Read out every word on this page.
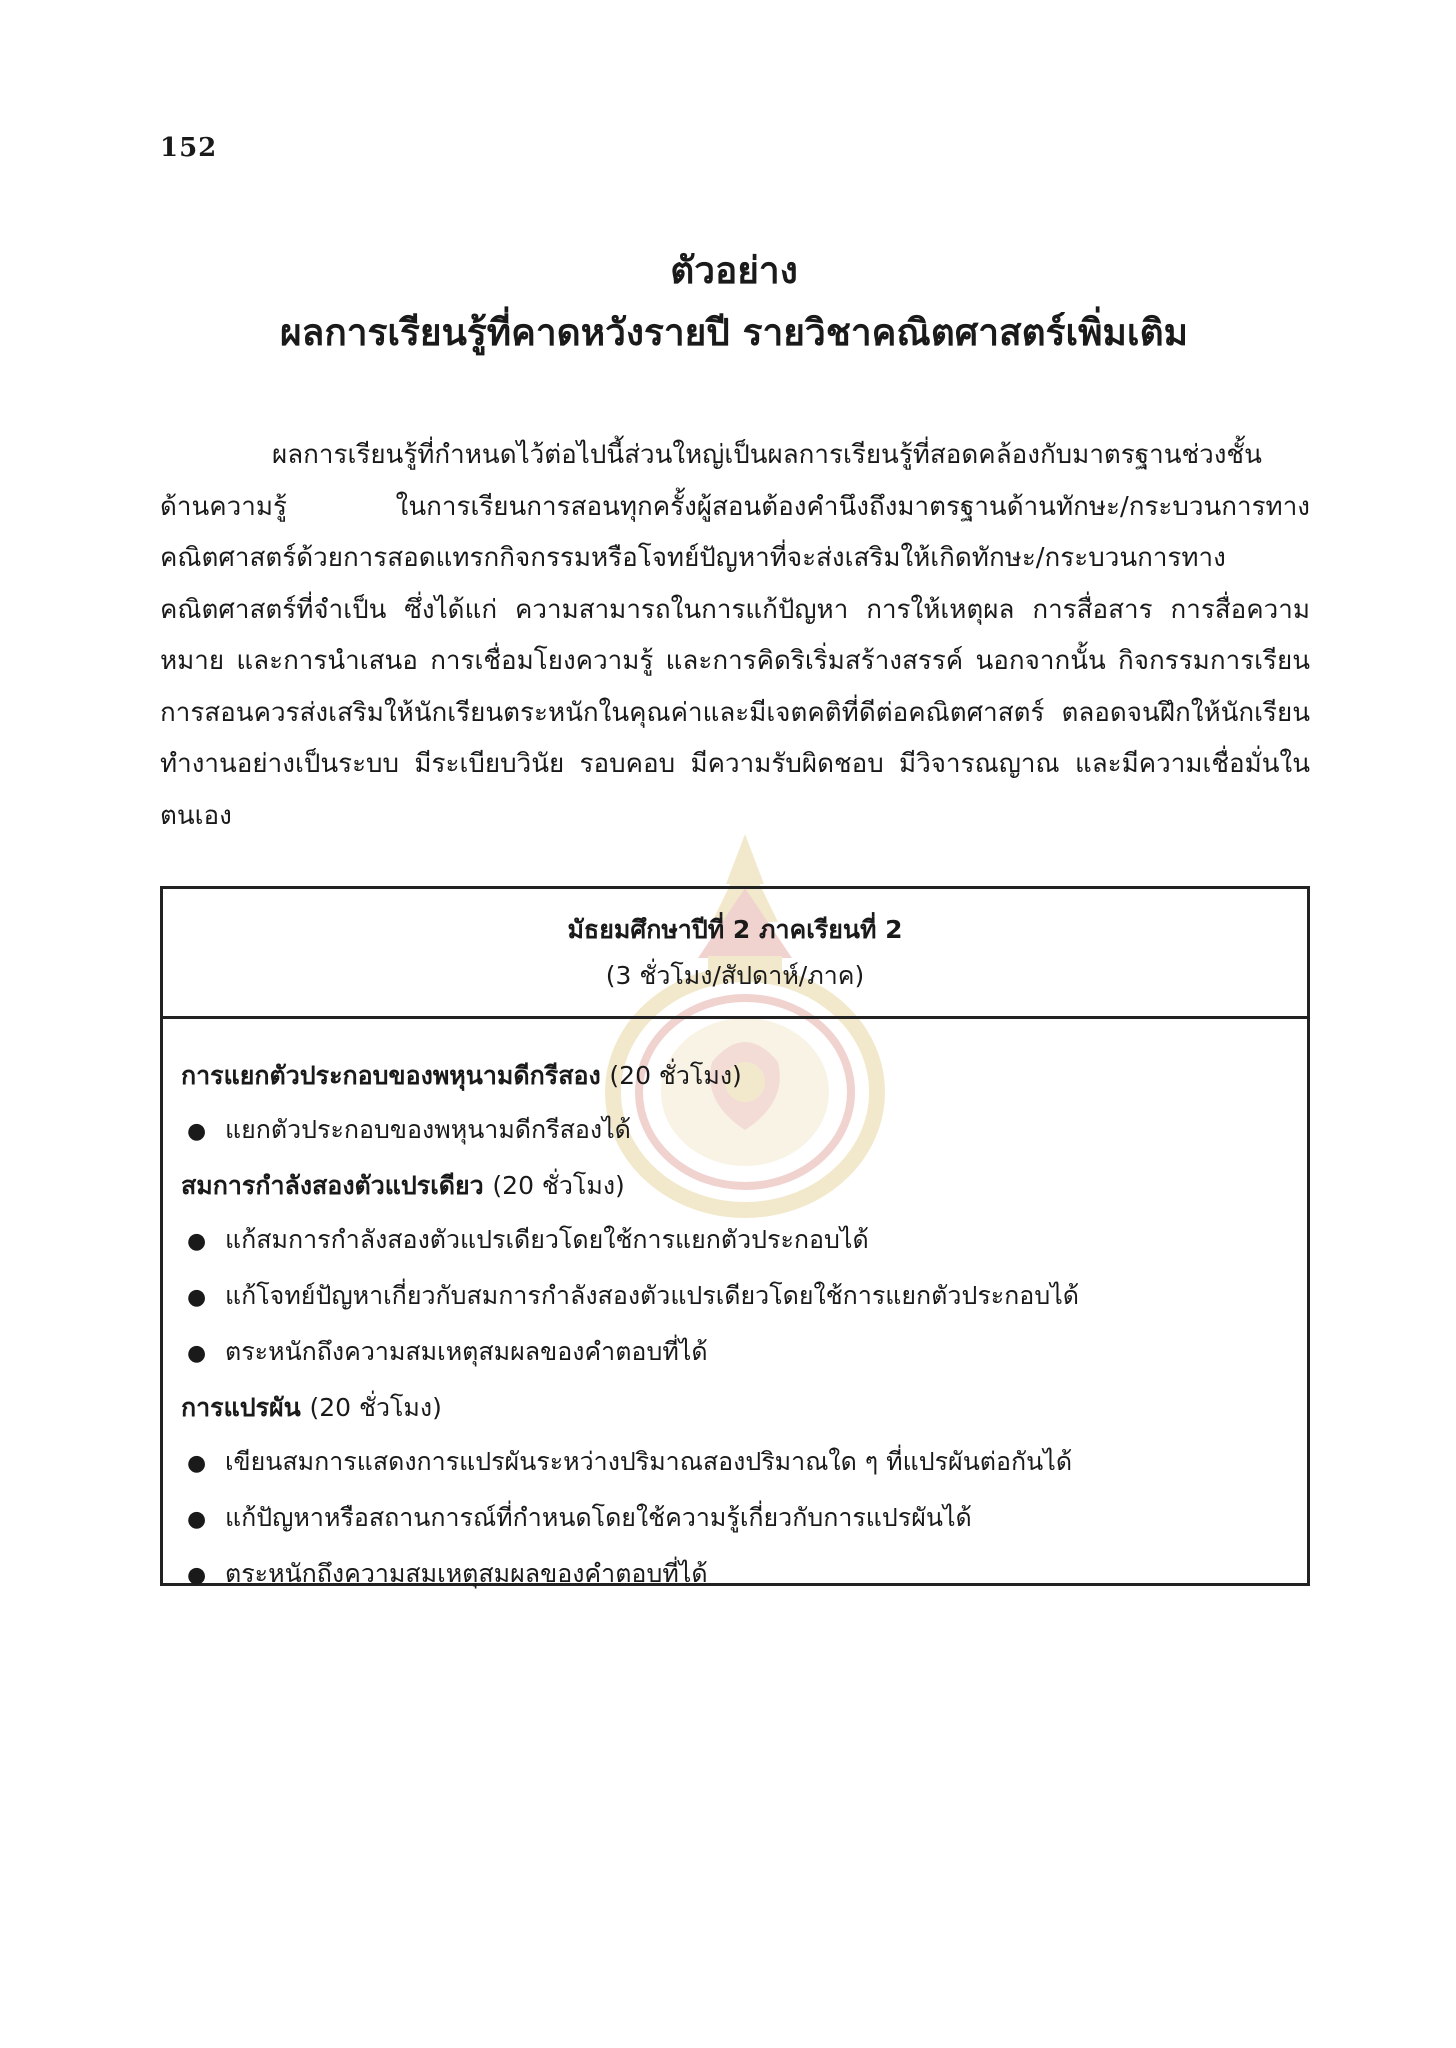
152
ตัวอย่าง
ผลการเรียนรู้ที่คาดหวังรายปี รายวิชาคณิตศาสตร์เพิ่มเติม
ผลการเรียนรู้ที่กำหนดไว้ต่อไปนี้ส่วนใหญ่เป็นผลการเรียนรู้ที่สอดคล้องกับมาตรฐานช่วงชั้นด้านความรู้ ในการเรียนการสอนทุกครั้งผู้สอนต้องคำนึงถึงมาตรฐานด้านทักษะ/กระบวนการทางคณิตศาสตร์ด้วยการสอดแทรกกิจกรรมหรือโจทย์ปัญหาที่จะส่งเสริมให้เกิดทักษะ/กระบวนการทางคณิตศาสตร์ที่จำเป็น ซึ่งได้แก่ ความสามารถในการแก้ปัญหา การให้เหตุผล การสื่อสาร การสื่อความหมาย และการนำเสนอ การเชื่อมโยงความรู้ และการคิดริเริ่มสร้างสรรค์ นอกจากนั้น กิจกรรมการเรียนการสอนควรส่งเสริมให้นักเรียนตระหนักในคุณค่าและมีเจตคติที่ดีต่อคณิตศาสตร์ ตลอดจนฝึกให้นักเรียนทำงานอย่างเป็นระบบ มีระเบียบวินัย รอบคอบ มีความรับผิดชอบ มีวิจารณญาณ และมีความเชื่อมั่นในตนเอง
มัธยมศึกษาปีที่ 2 ภาคเรียนที่ 2
(3 ชั่วโมง/สัปดาห์/ภาค)
การแยกตัวประกอบของพหุนามดีกรีสอง (20 ชั่วโมง)
● แยกตัวประกอบของพหุนามดีกรีสองได้
สมการกำลังสองตัวแปรเดียว (20 ชั่วโมง)
● แก้สมการกำลังสองตัวแปรเดียวโดยใช้การแยกตัวประกอบได้
● แก้โจทย์ปัญหาเกี่ยวกับสมการกำลังสองตัวแปรเดียวโดยใช้การแยกตัวประกอบได้
● ตระหนักถึงความสมเหตุสมผลของคำตอบที่ได้
การแปรผัน (20 ชั่วโมง)
● เขียนสมการแสดงการแปรผันระหว่างปริมาณสองปริมาณใด ๆ ที่แปรผันต่อกันได้
● แก้ปัญหาหรือสถานการณ์ที่กำหนดโดยใช้ความรู้เกี่ยวกับการแปรผันได้
● ตระหนักถึงความสมเหตุสมผลของคำตอบที่ได้
